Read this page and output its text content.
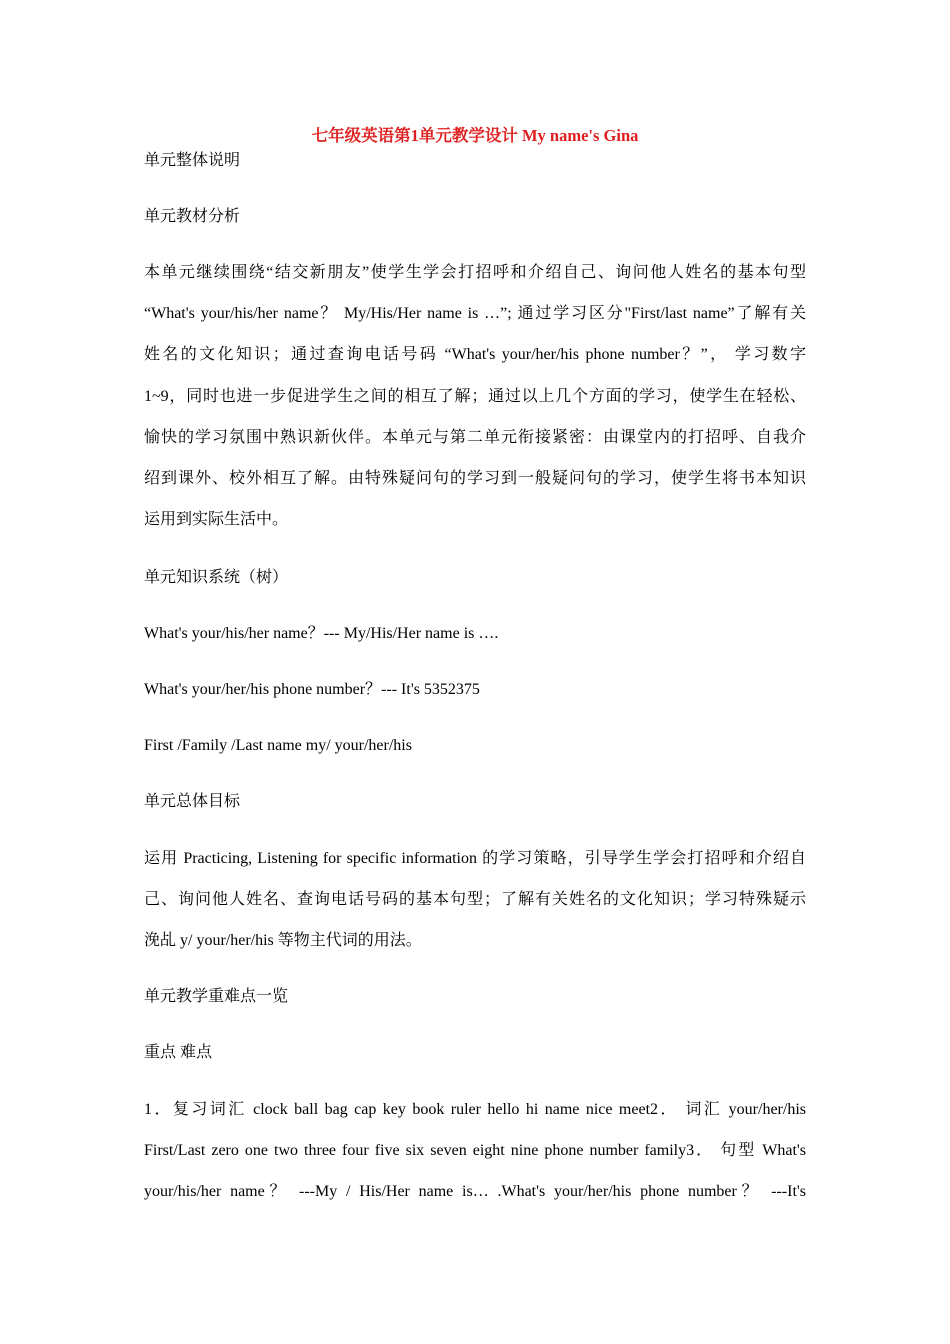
七年级英语第1单元教学设计 My name's Gina
单元整体说明
单元教材分析
本单元继续围绕“结交新朋友”使学生学会打招呼和介绍自己、询问他人姓名的基本句型
“What's your/his/her name？ My/His/Her name is …”; 通过学习区分"First/last name”了解有关
姓名的文化知识；通过查询电话号码 “What's your/her/his phone number？”， 学习数字
1~9，同时也进一步促进学生之间的相互了解；通过以上几个方面的学习，使学生在轻松、
愉快的学习氛围中熟识新伙伴。本单元与第二单元衔接紧密：由课堂内的打招呼、自我介
绍到课外、校外相互了解。由特殊疑问句的学习到一般疑问句的学习，使学生将书本知识
运用到实际生活中。
单元知识系统（树）
What's your/his/her name？--- My/His/Her name is ….
What's your/her/his phone number？--- It's 5352375
First /Family /Last name my/ your/her/his
单元总体目标
运用 Practicing, Listening for specific information 的学习策略，引导学生学会打招呼和介绍自
己、询问他人姓名、查询电话号码的基本句型；了解有关姓名的文化知识；学习特殊疑示
浼乩 y/ your/her/his 等物主代词的用法。
单元教学重难点一览
重点 难点
1．复习词汇 clock ball bag cap key book ruler hello hi name nice meet2． 词汇 your/her/his
First/Last zero one two three four five six seven eight nine phone number family3． 句型 What's
your/his/her name？ ---My / His/Her name is… .What's your/her/his phone number？ ---It's
